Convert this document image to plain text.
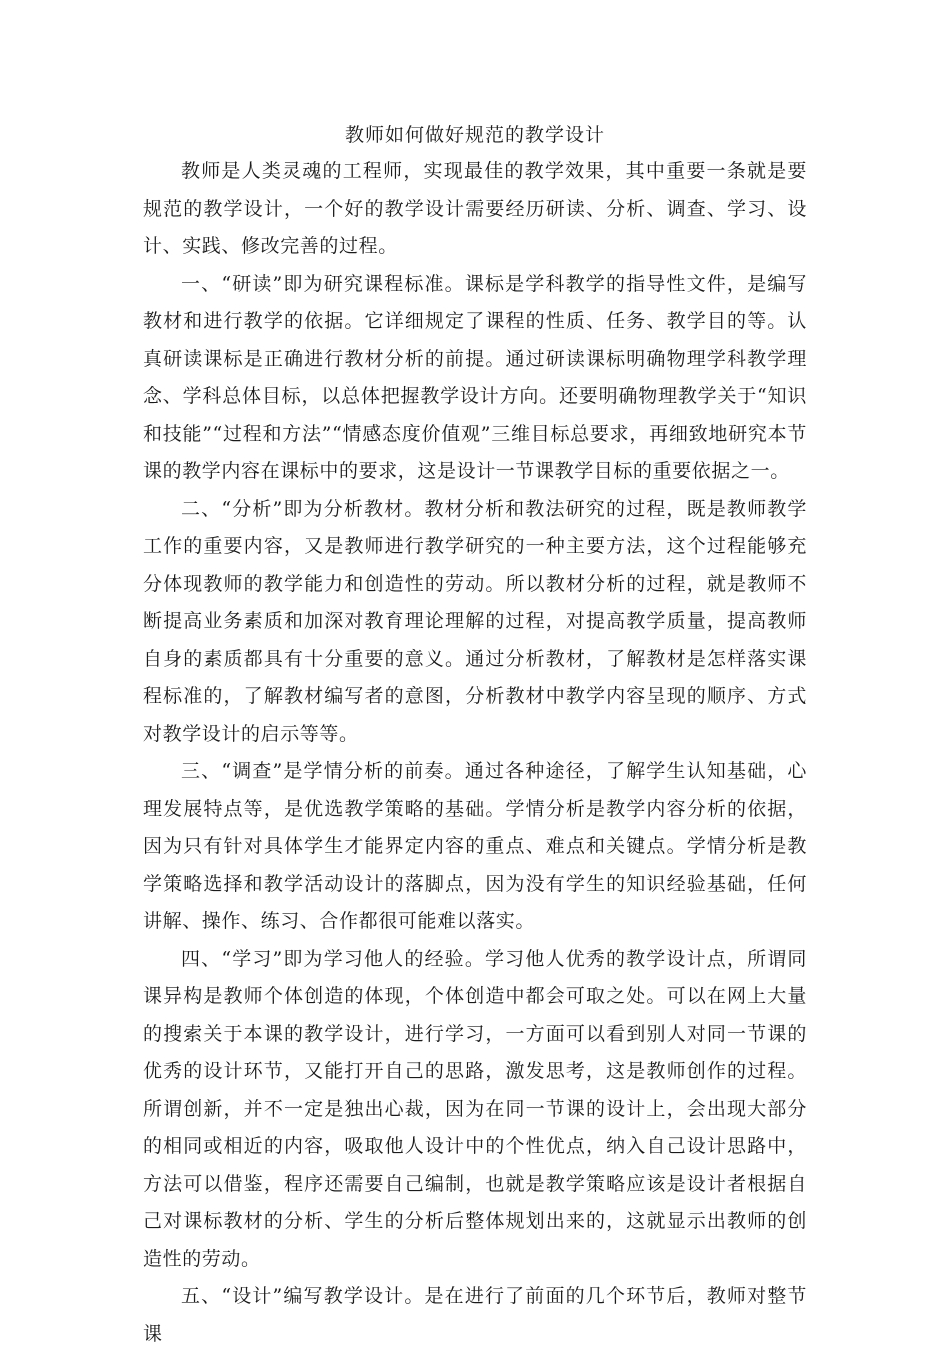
教师如何做好规范的教学设计

教师是人类灵魂的工程师，实现最佳的教学效果，其中重要一条就是要规范的教学设计，一个好的教学设计需要经历研读、分析、调查、学习、设计、实践、修改完善的过程。

一、“研读”即为研究课程标准。课标是学科教学的指导性文件，是编写教材和进行教学的依据。它详细规定了课程的性质、任务、教学目的等。认真研读课标是正确进行教材分析的前提。通过研读课标明确物理学科教学理念、学科总体目标，以总体把握教学设计方向。还要明确物理教学关于“知识和技能”“过程和方法”“情感态度价值观”三维目标总要求，再细致地研究本节课的教学内容在课标中的要求，这是设计一节课教学目标的重要依据之一。

二、“分析”即为分析教材。教材分析和教法研究的过程，既是教师教学工作的重要内容，又是教师进行教学研究的一种主要方法，这个过程能够充分体现教师的教学能力和创造性的劳动。所以教材分析的过程，就是教师不断提高业务素质和加深对教育理论理解的过程，对提高教学质量，提高教师自身的素质都具有十分重要的意义。通过分析教材，了解教材是怎样落实课程标准的，了解教材编写者的意图，分析教材中教学内容呈现的顺序、方式对教学设计的启示等等。

三、“调查”是学情分析的前奏。通过各种途径，了解学生认知基础，心理发展特点等，是优选教学策略的基础。学情分析是教学内容分析的依据，因为只有针对具体学生才能界定内容的重点、难点和关键点。学情分析是教学策略选择和教学活动设计的落脚点，因为没有学生的知识经验基础，任何讲解、操作、练习、合作都很可能难以落实。

四、“学习”即为学习他人的经验。学习他人优秀的教学设计点，所谓同课异构是教师个体创造的体现，个体创造中都会可取之处。可以在网上大量的搜索关于本课的教学设计，进行学习，一方面可以看到别人对同一节课的优秀的设计环节，又能打开自己的思路，激发思考，这是教师创作的过程。所谓创新，并不一定是独出心裁，因为在同一节课的设计上，会出现大部分的相同或相近的内容，吸取他人设计中的个性优点，纳入自己设计思路中，方法可以借鉴，程序还需要自己编制，也就是教学策略应该是设计者根据自己对课标教材的分析、学生的分析后整体规划出来的，这就显示出教师的创造性的劳动。

五、“设计”编写教学设计。是在进行了前面的几个环节后，教师对整节课
